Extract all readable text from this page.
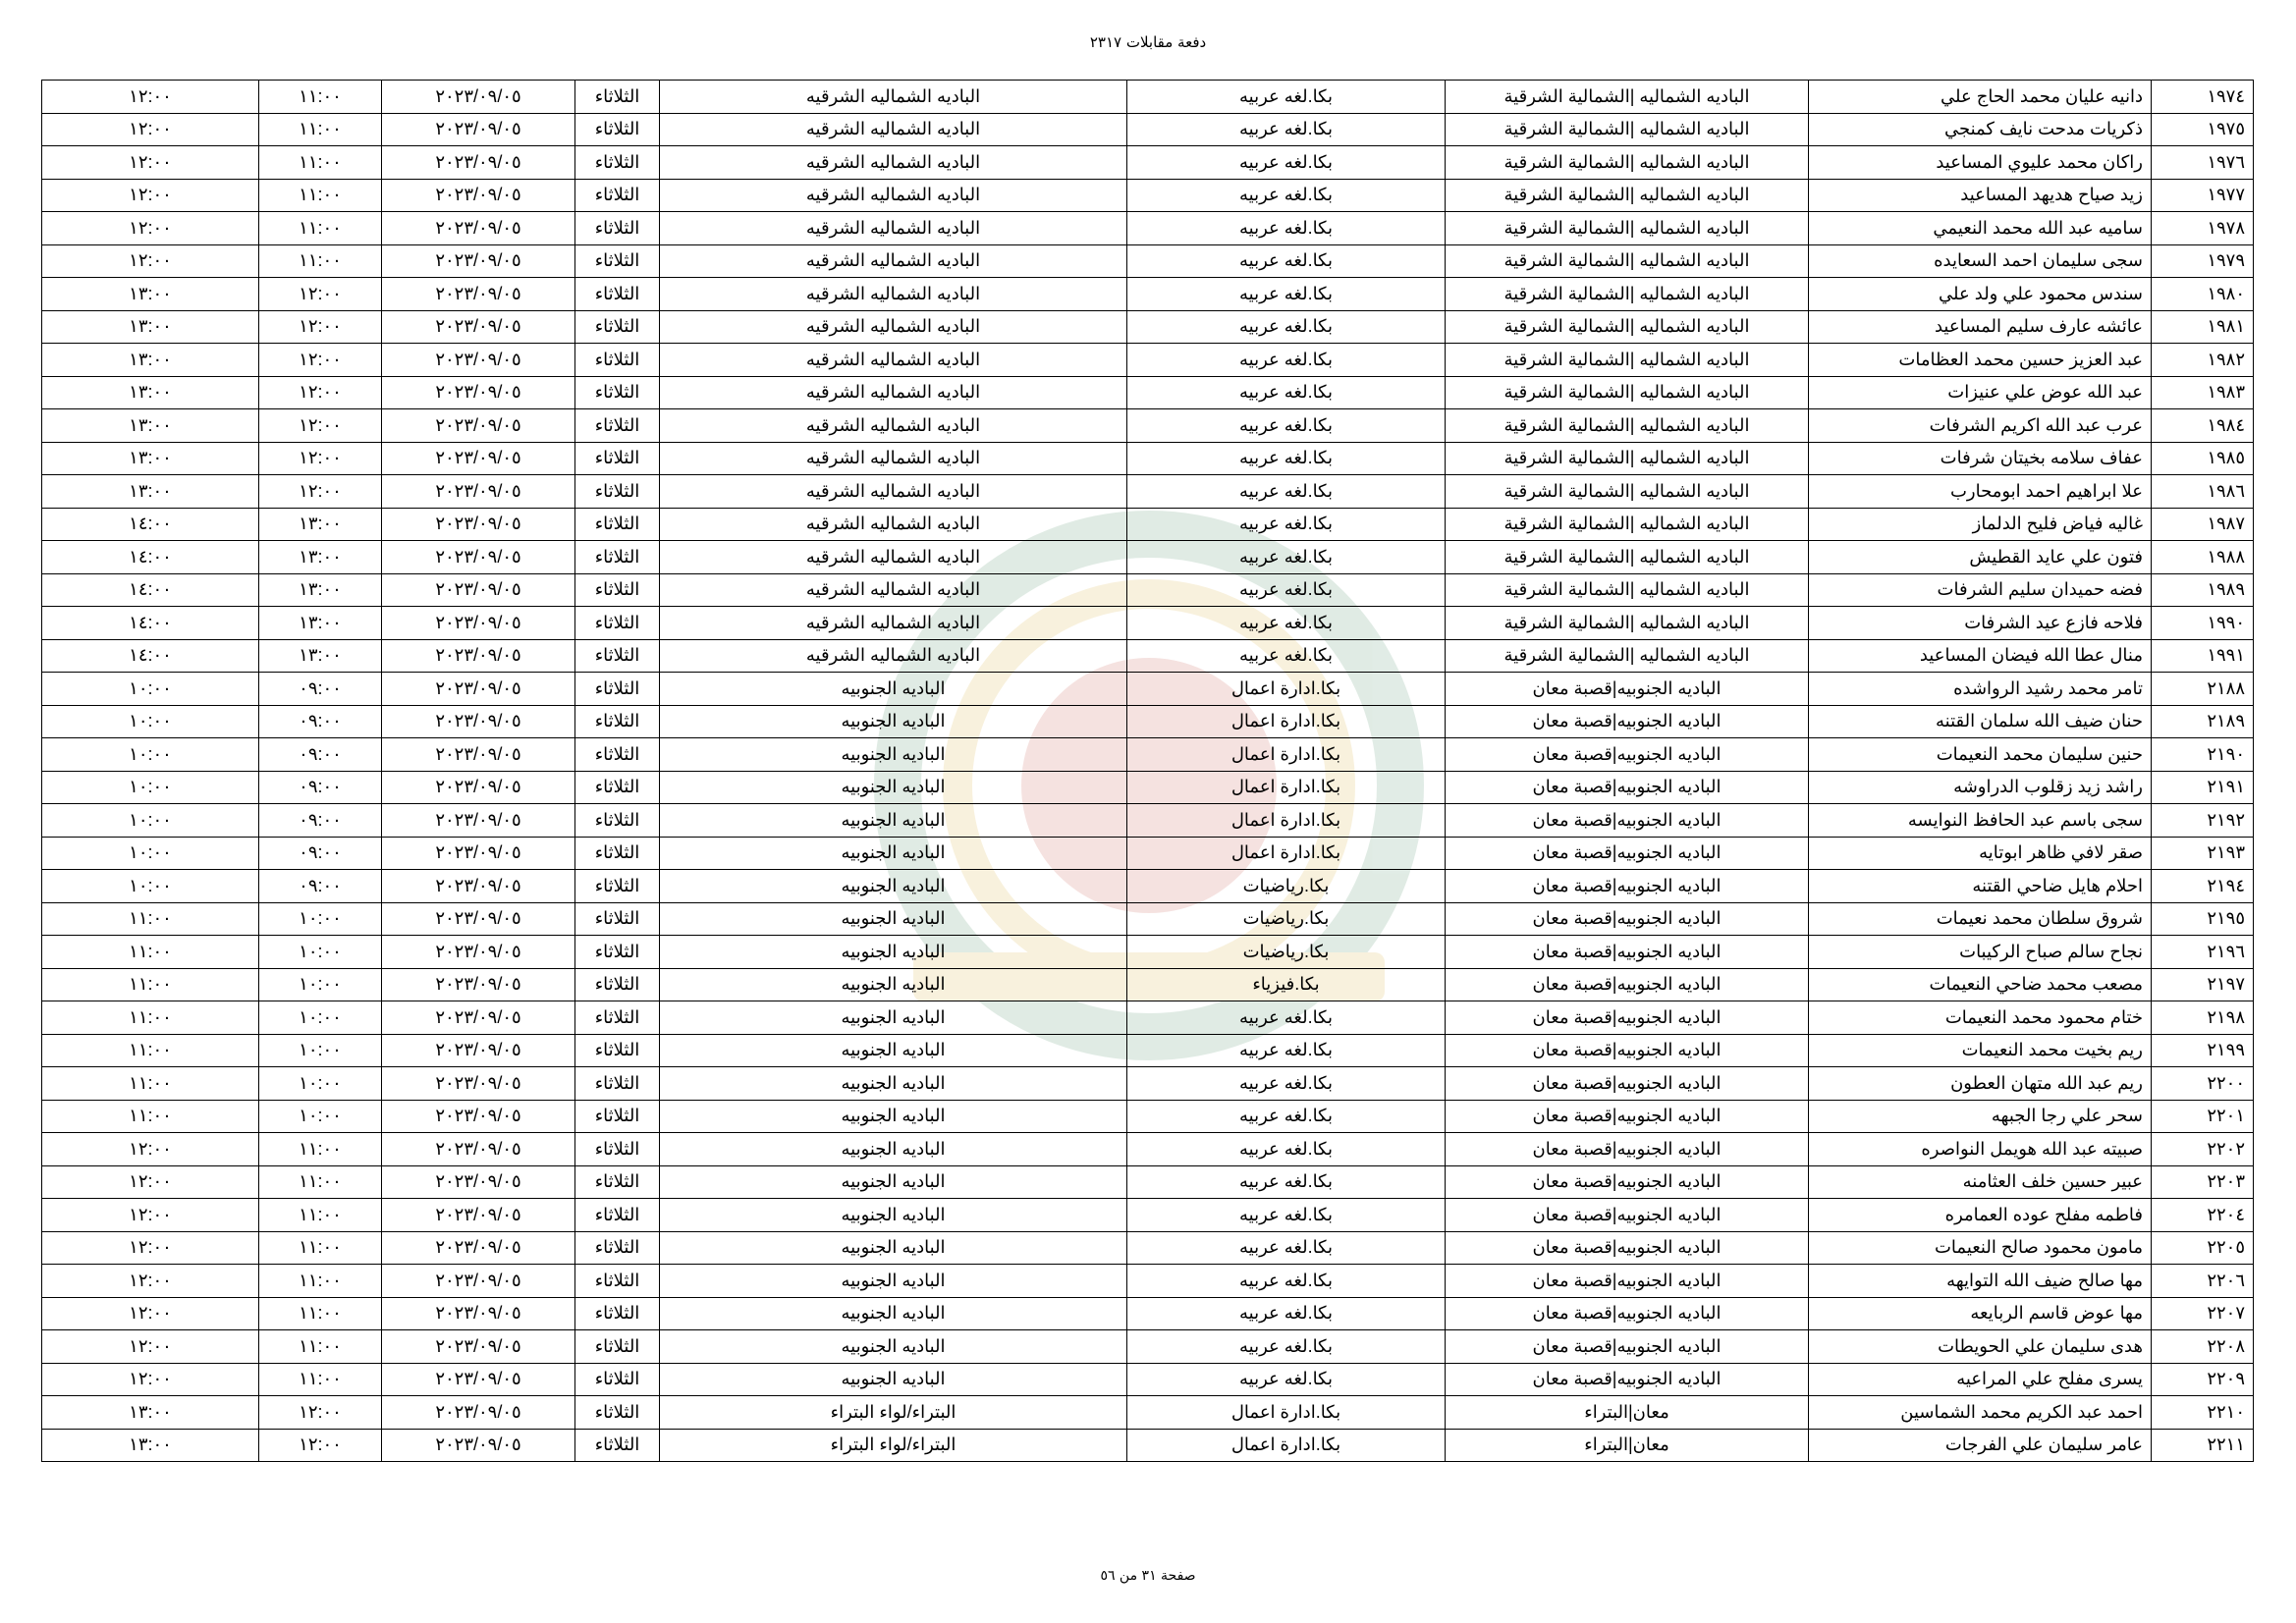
دفعة مقابلات ٢٣١٧
١٩٧٤	دانيه عليان محمد الحاج علي	الباديه الشماليه |الشمالية الشرقية	بكا.لغه عربيه	الباديه الشماليه الشرقيه	الثلاثاء	٢٠٢٣/٠٩/٠٥	١١:٠٠	١٢:٠٠
١٩٧٥	ذكريات مدحت نايف كمنجي	الباديه الشماليه |الشمالية الشرقية	بكا.لغه عربيه	الباديه الشماليه الشرقيه	الثلاثاء	٢٠٢٣/٠٩/٠٥	١١:٠٠	١٢:٠٠
١٩٧٦	راكان محمد عليوي المساعيد	الباديه الشماليه |الشمالية الشرقية	بكا.لغه عربيه	الباديه الشماليه الشرقيه	الثلاثاء	٢٠٢٣/٠٩/٠٥	١١:٠٠	١٢:٠٠
١٩٧٧	زيد صياح هديهد المساعيد	الباديه الشماليه |الشمالية الشرقية	بكا.لغه عربيه	الباديه الشماليه الشرقيه	الثلاثاء	٢٠٢٣/٠٩/٠٥	١١:٠٠	١٢:٠٠
١٩٧٨	ساميه عبد الله محمد النعيمي	الباديه الشماليه |الشمالية الشرقية	بكا.لغه عربيه	الباديه الشماليه الشرقيه	الثلاثاء	٢٠٢٣/٠٩/٠٥	١١:٠٠	١٢:٠٠
١٩٧٩	سجى سليمان احمد السعايده	الباديه الشماليه |الشمالية الشرقية	بكا.لغه عربيه	الباديه الشماليه الشرقيه	الثلاثاء	٢٠٢٣/٠٩/٠٥	١١:٠٠	١٢:٠٠
١٩٨٠	سندس محمود علي ولد علي	الباديه الشماليه |الشمالية الشرقية	بكا.لغه عربيه	الباديه الشماليه الشرقيه	الثلاثاء	٢٠٢٣/٠٩/٠٥	١٢:٠٠	١٣:٠٠
١٩٨١	عائشه عارف سليم المساعيد	الباديه الشماليه |الشمالية الشرقية	بكا.لغه عربيه	الباديه الشماليه الشرقيه	الثلاثاء	٢٠٢٣/٠٩/٠٥	١٢:٠٠	١٣:٠٠
١٩٨٢	عبد العزيز حسين محمد العظامات	الباديه الشماليه |الشمالية الشرقية	بكا.لغه عربيه	الباديه الشماليه الشرقيه	الثلاثاء	٢٠٢٣/٠٩/٠٥	١٢:٠٠	١٣:٠٠
١٩٨٣	عبد الله عوض علي عنيزات	الباديه الشماليه |الشمالية الشرقية	بكا.لغه عربيه	الباديه الشماليه الشرقيه	الثلاثاء	٢٠٢٣/٠٩/٠٥	١٢:٠٠	١٣:٠٠
١٩٨٤	عرب عبد الله اكريم الشرفات	الباديه الشماليه |الشمالية الشرقية	بكا.لغه عربيه	الباديه الشماليه الشرقيه	الثلاثاء	٢٠٢٣/٠٩/٠٥	١٢:٠٠	١٣:٠٠
١٩٨٥	عفاف سلامه بخيتان شرفات	الباديه الشماليه |الشمالية الشرقية	بكا.لغه عربيه	الباديه الشماليه الشرقيه	الثلاثاء	٢٠٢٣/٠٩/٠٥	١٢:٠٠	١٣:٠٠
١٩٨٦	علا ابراهيم احمد ابومحارب	الباديه الشماليه |الشمالية الشرقية	بكا.لغه عربيه	الباديه الشماليه الشرقيه	الثلاثاء	٢٠٢٣/٠٩/٠٥	١٢:٠٠	١٣:٠٠
١٩٨٧	غاليه فياض فليح الدلماز	الباديه الشماليه |الشمالية الشرقية	بكا.لغه عربيه	الباديه الشماليه الشرقيه	الثلاثاء	٢٠٢٣/٠٩/٠٥	١٣:٠٠	١٤:٠٠
١٩٨٨	فتون علي عايد القطيش	الباديه الشماليه |الشمالية الشرقية	بكا.لغه عربيه	الباديه الشماليه الشرقيه	الثلاثاء	٢٠٢٣/٠٩/٠٥	١٣:٠٠	١٤:٠٠
١٩٨٩	فضه حميدان سليم الشرفات	الباديه الشماليه |الشمالية الشرقية	بكا.لغه عربيه	الباديه الشماليه الشرقيه	الثلاثاء	٢٠٢٣/٠٩/٠٥	١٣:٠٠	١٤:٠٠
١٩٩٠	فلاحه فازع عيد الشرفات	الباديه الشماليه |الشمالية الشرقية	بكا.لغه عربيه	الباديه الشماليه الشرقيه	الثلاثاء	٢٠٢٣/٠٩/٠٥	١٣:٠٠	١٤:٠٠
١٩٩١	منال عطا الله فيضان المساعيد	الباديه الشماليه |الشمالية الشرقية	بكا.لغه عربيه	الباديه الشماليه الشرقيه	الثلاثاء	٢٠٢٣/٠٩/٠٥	١٣:٠٠	١٤:٠٠
٢١٨٨	تامر محمد رشيد الرواشده	الباديه الجنوبيه|قصبة معان	بكا.ادارة اعمال	الباديه الجنوبيه	الثلاثاء	٢٠٢٣/٠٩/٠٥	٠٩:٠٠	١٠:٠٠
٢١٨٩	حنان ضيف الله سلمان القتنه	الباديه الجنوبيه|قصبة معان	بكا.ادارة اعمال	الباديه الجنوبيه	الثلاثاء	٢٠٢٣/٠٩/٠٥	٠٩:٠٠	١٠:٠٠
٢١٩٠	حنين سليمان محمد النعيمات	الباديه الجنوبيه|قصبة معان	بكا.ادارة اعمال	الباديه الجنوبيه	الثلاثاء	٢٠٢٣/٠٩/٠٥	٠٩:٠٠	١٠:٠٠
٢١٩١	راشد زيد زقلوب الدراوشه	الباديه الجنوبيه|قصبة معان	بكا.ادارة اعمال	الباديه الجنوبيه	الثلاثاء	٢٠٢٣/٠٩/٠٥	٠٩:٠٠	١٠:٠٠
٢١٩٢	سجى باسم عبد الحافظ النوايسه	الباديه الجنوبيه|قصبة معان	بكا.ادارة اعمال	الباديه الجنوبيه	الثلاثاء	٢٠٢٣/٠٩/٠٥	٠٩:٠٠	١٠:٠٠
٢١٩٣	صقر لافي ظاهر ابوتايه	الباديه الجنوبيه|قصبة معان	بكا.ادارة اعمال	الباديه الجنوبيه	الثلاثاء	٢٠٢٣/٠٩/٠٥	٠٩:٠٠	١٠:٠٠
٢١٩٤	احلام هايل ضاحي القتنه	الباديه الجنوبيه|قصبة معان	بكا.رياضيات	الباديه الجنوبيه	الثلاثاء	٢٠٢٣/٠٩/٠٥	٠٩:٠٠	١٠:٠٠
٢١٩٥	شروق سلطان محمد نعيمات	الباديه الجنوبيه|قصبة معان	بكا.رياضيات	الباديه الجنوبيه	الثلاثاء	٢٠٢٣/٠٩/٠٥	١٠:٠٠	١١:٠٠
٢١٩٦	نجاح سالم صباح الركيبات	الباديه الجنوبيه|قصبة معان	بكا.رياضيات	الباديه الجنوبيه	الثلاثاء	٢٠٢٣/٠٩/٠٥	١٠:٠٠	١١:٠٠
٢١٩٧	مصعب محمد ضاحي النعيمات	الباديه الجنوبيه|قصبة معان	بكا.فيزياء	الباديه الجنوبيه	الثلاثاء	٢٠٢٣/٠٩/٠٥	١٠:٠٠	١١:٠٠
٢١٩٨	ختام محمود محمد النعيمات	الباديه الجنوبيه|قصبة معان	بكا.لغه عربيه	الباديه الجنوبيه	الثلاثاء	٢٠٢٣/٠٩/٠٥	١٠:٠٠	١١:٠٠
٢١٩٩	ريم بخيت محمد النعيمات	الباديه الجنوبيه|قصبة معان	بكا.لغه عربيه	الباديه الجنوبيه	الثلاثاء	٢٠٢٣/٠٩/٠٥	١٠:٠٠	١١:٠٠
٢٢٠٠	ريم عبد الله متهان العطون	الباديه الجنوبيه|قصبة معان	بكا.لغه عربيه	الباديه الجنوبيه	الثلاثاء	٢٠٢٣/٠٩/٠٥	١٠:٠٠	١١:٠٠
٢٢٠١	سحر علي رجا الجبهه	الباديه الجنوبيه|قصبة معان	بكا.لغه عربيه	الباديه الجنوبيه	الثلاثاء	٢٠٢٣/٠٩/٠٥	١٠:٠٠	١١:٠٠
٢٢٠٢	صبيته عبد الله هويمل النواصره	الباديه الجنوبيه|قصبة معان	بكا.لغه عربيه	الباديه الجنوبيه	الثلاثاء	٢٠٢٣/٠٩/٠٥	١١:٠٠	١٢:٠٠
٢٢٠٣	عبير حسين خلف العثامنه	الباديه الجنوبيه|قصبة معان	بكا.لغه عربيه	الباديه الجنوبيه	الثلاثاء	٢٠٢٣/٠٩/٠٥	١١:٠٠	١٢:٠٠
٢٢٠٤	فاطمه مفلح عوده العمامره	الباديه الجنوبيه|قصبة معان	بكا.لغه عربيه	الباديه الجنوبيه	الثلاثاء	٢٠٢٣/٠٩/٠٥	١١:٠٠	١٢:٠٠
٢٢٠٥	مامون محمود صالح النعيمات	الباديه الجنوبيه|قصبة معان	بكا.لغه عربيه	الباديه الجنوبيه	الثلاثاء	٢٠٢٣/٠٩/٠٥	١١:٠٠	١٢:٠٠
٢٢٠٦	مها صالح ضيف الله التوايهه	الباديه الجنوبيه|قصبة معان	بكا.لغه عربيه	الباديه الجنوبيه	الثلاثاء	٢٠٢٣/٠٩/٠٥	١١:٠٠	١٢:٠٠
٢٢٠٧	مها عوض قاسم الربايعه	الباديه الجنوبيه|قصبة معان	بكا.لغه عربيه	الباديه الجنوبيه	الثلاثاء	٢٠٢٣/٠٩/٠٥	١١:٠٠	١٢:٠٠
٢٢٠٨	هدى سليمان علي الحويطات	الباديه الجنوبيه|قصبة معان	بكا.لغه عربيه	الباديه الجنوبيه	الثلاثاء	٢٠٢٣/٠٩/٠٥	١١:٠٠	١٢:٠٠
٢٢٠٩	يسرى مفلح علي المراعيه	الباديه الجنوبيه|قصبة معان	بكا.لغه عربيه	الباديه الجنوبيه	الثلاثاء	٢٠٢٣/٠٩/٠٥	١١:٠٠	١٢:٠٠
٢٢١٠	احمد عبد الكريم محمد الشماسين	معان|البتراء	بكا.ادارة اعمال	البتراء/لواء البتراء	الثلاثاء	٢٠٢٣/٠٩/٠٥	١٢:٠٠	١٣:٠٠
٢٢١١	عامر سليمان علي الفرجات	معان|البتراء	بكا.ادارة اعمال	البتراء/لواء البتراء	الثلاثاء	٢٠٢٣/٠٩/٠٥	١٢:٠٠	١٣:٠٠
صفحة ٣١ من ٥٦
